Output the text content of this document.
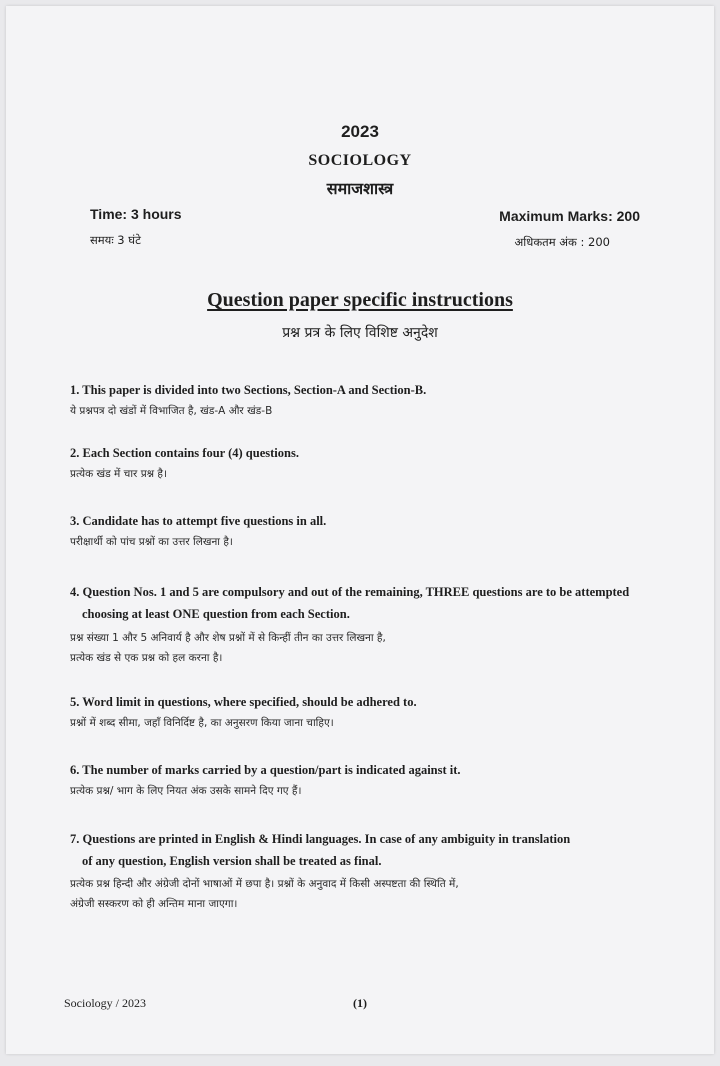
2023
SOCIOLOGY
समाजशास्त्र
Time: 3 hours
समयः 3 घंटे
Maximum Marks: 200
अधिकतम अंक : 200
Question paper specific instructions
प्रश्न प्रत्र के लिए विशिष्ट अनुदेश
1. This paper is divided into two Sections, Section-A and Section-B.
ये प्रश्नपत्र दो खंडों में विभाजित है, खंड-A और खंड-B
2. Each Section contains four (4) questions.
प्रत्येक खंड में चार प्रश्न है।
3. Candidate has to attempt five questions in all.
परीक्षार्थी को पांच प्रश्नों का उत्तर लिखना है।
4. Question Nos. 1 and 5 are compulsory and out of the remaining, THREE questions are to be attempted
choosing at least ONE question from each Section.
प्रश्न संख्या 1 और 5 अनिवार्य है और शेष प्रश्नों में से किन्हीं तीन का उत्तर लिखना है,
प्रत्येक खंड से एक प्रश्न को हल करना है।
5. Word limit in questions, where specified, should be adhered to.
प्रश्नों में शब्द सीमा, जहाँ विनिर्दिष्ट है, का अनुसरण किया जाना चाहिए।
6. The number of marks carried by a question/part is indicated against it.
प्रत्येक प्रश्न/ भाग के लिए नियत अंक उसके सामने दिए गए हैं।
7. Questions are printed in English & Hindi languages. In case of any ambiguity in translation
of any question, English version shall be treated as final.
प्रत्येक प्रश्न हिन्दी और अंग्रेजी दोनों भाषाओं में छपा है। प्रश्नों के अनुवाद में किसी अस्पष्टता की स्थिति में,
अंग्रेजी सस्करण को ही अन्तिम माना जाएगा।
Sociology / 2023	(1)
